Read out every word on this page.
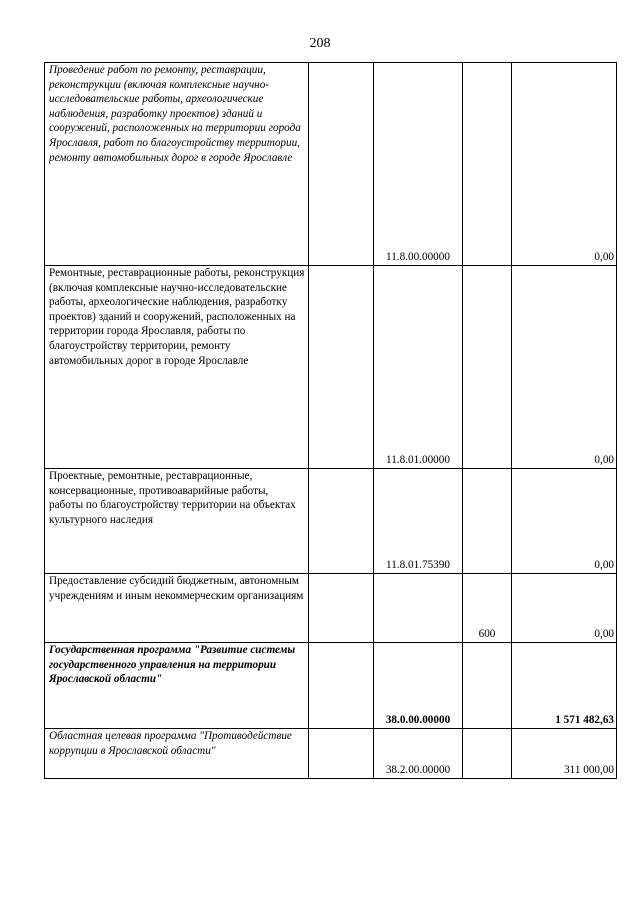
208
Проведение работ по ремонту, реставрации, реконструкции (включая комплексные научно-исследовательские работы, археологические наблюдения, разработку проектов) зданий и сооружений, расположенных на территории города Ярославля, работ по благоустройству территории, ремонту автомобильных дорог в городе Ярославле		11.8.00.00000		0,00

Ремонтные, реставрационные работы, реконструкция (включая комплексные научно-исследовательские работы, археологические наблюдения, разработку проектов) зданий и сооружений, расположенных на территории города Ярославля, работы по благоустройству территории, ремонту автомобильных дорог в городе Ярославле		11.8.01.00000		0,00

Проектные, ремонтные, реставрационные, консервационные, противоаварийные работы, работы по благоустройству территории на объектах культурного наследия		11.8.01.75390		0,00

Предоставление субсидий бюджетным, автономным учреждениям и иным некоммерческим организациям			600	0,00

Государственная программа "Развитие системы государственного управления на территории Ярославской области"		38.0.00.00000		1 571 482,63

Областная целевая программа "Противодействие коррупции в Ярославской области"		38.2.00.00000		311 000,00
